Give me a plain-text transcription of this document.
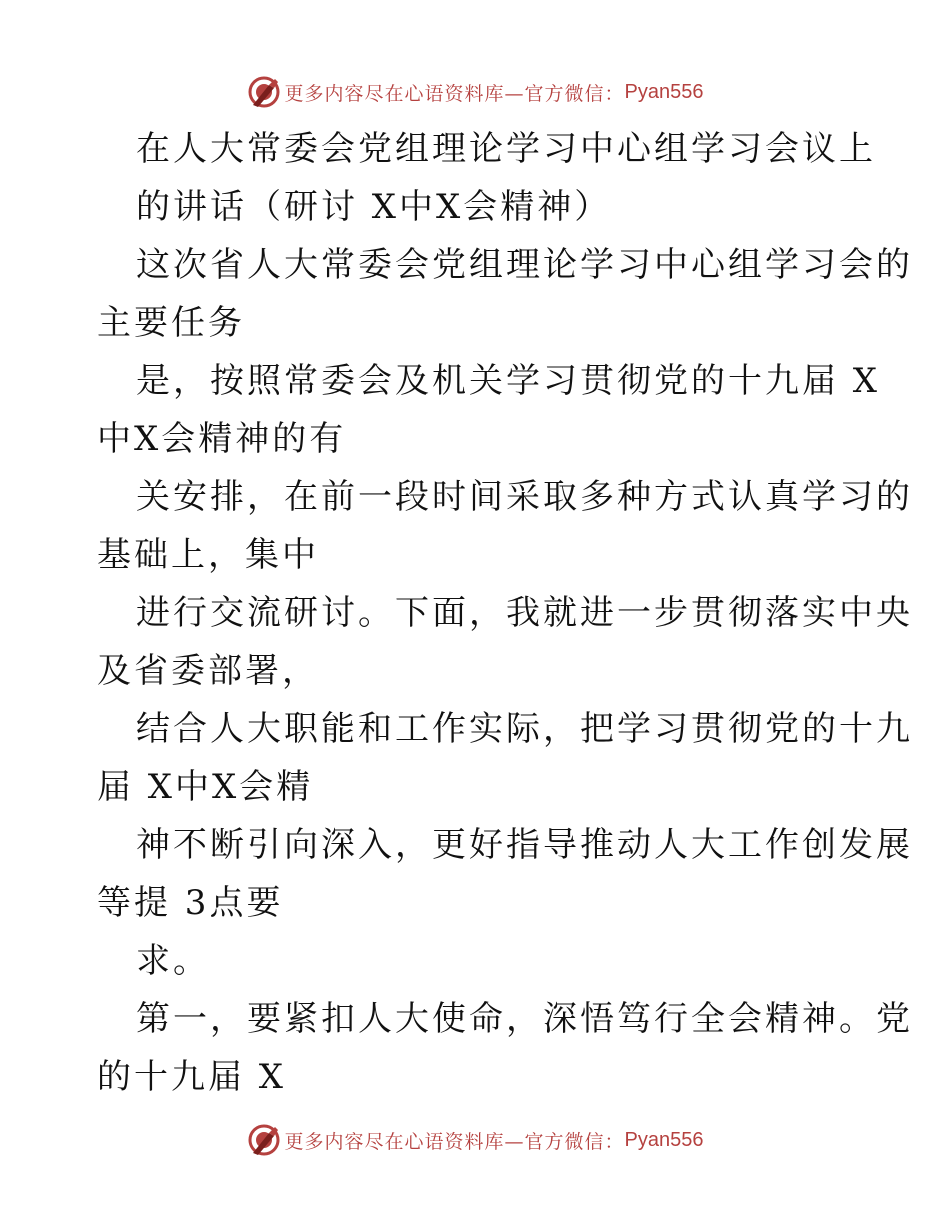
更多内容尽在心语资料库—官方微信： Pyan556
在人大常委会党组理论学习中心组学习会议上
的讲话（研讨 X中X会精神）
这次省人大常委会党组理论学习中心组学习会的
主要任务
是，按照常委会及机关学习贯彻党的十九届 X
中X会精神的有
关安排，在前一段时间采取多种方式认真学习的
基础上，集中
进行交流研讨。下面，我就进一步贯彻落实中央
及省委部署，
结合人大职能和工作实际，把学习贯彻党的十九
届 X中X会精
神不断引向深入，更好指导推动人大工作创发展
等提 3点要
求。
第一，要紧扣人大使命，深悟笃行全会精神。党
的十九届 X
更多内容尽在心语资料库—官方微信： Pyan556
